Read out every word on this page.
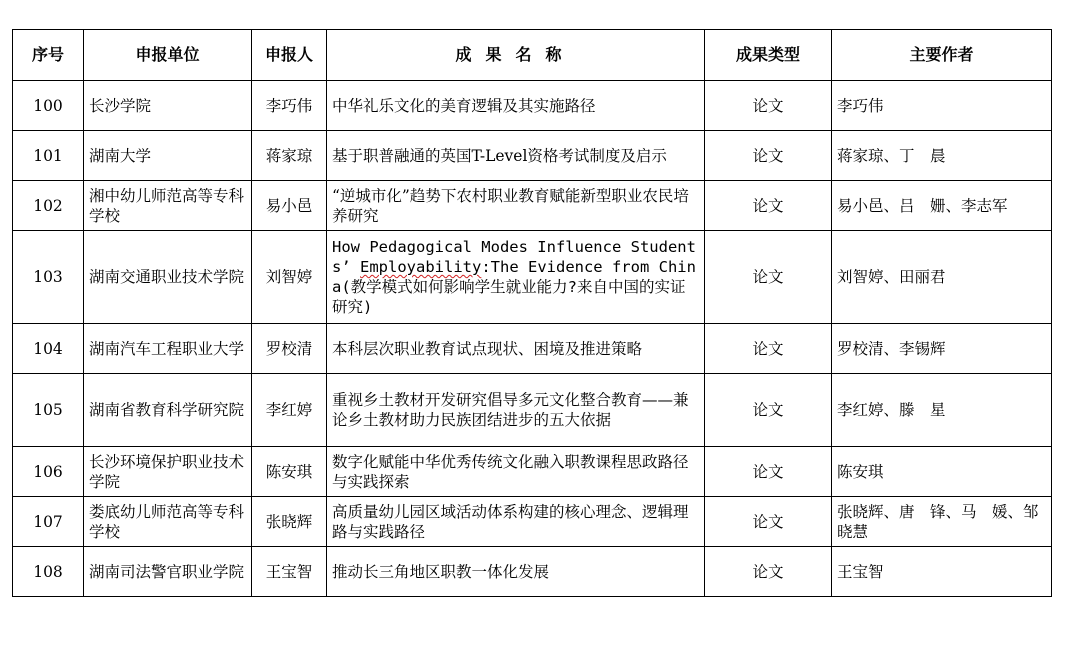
序号	申报单位	申报人	成果名称	成果类型	主要作者
100	长沙学院	李巧伟	中华礼乐文化的美育逻辑及其实施路径	论文	李巧伟
101	湖南大学	蒋家琼	基于职普融通的英国T-Level资格考试制度及启示	论文	蒋家琼、丁　晨
102	湘中幼儿师范高等专科学校	易小邑	“逆城市化”趋势下农村职业教育赋能新型职业农民培养研究	论文	易小邑、吕　姗、李志军
103	湖南交通职业技术学院	刘智婷	How Pedagogical Modes Influence Students’ Employability:The Evidence from China(教学模式如何影响学生就业能力?来自中国的实证研究)	论文	刘智婷、田丽君
104	湖南汽车工程职业大学	罗校清	本科层次职业教育试点现状、困境及推进策略	论文	罗校清、李锡辉
105	湖南省教育科学研究院	李红婷	重视乡土教材开发研究倡导多元文化整合教育——兼论乡土教材助力民族团结进步的五大依据	论文	李红婷、滕　星
106	长沙环境保护职业技术学院	陈安琪	数字化赋能中华优秀传统文化融入职教课程思政路径与实践探索	论文	陈安琪
107	娄底幼儿师范高等专科学校	张晓辉	高质量幼儿园区域活动体系构建的核心理念、逻辑理路与实践路径	论文	张晓辉、唐　锋、马　媛、邹晓慧
108	湖南司法警官职业学院	王宝智	推动长三角地区职教一体化发展	论文	王宝智
